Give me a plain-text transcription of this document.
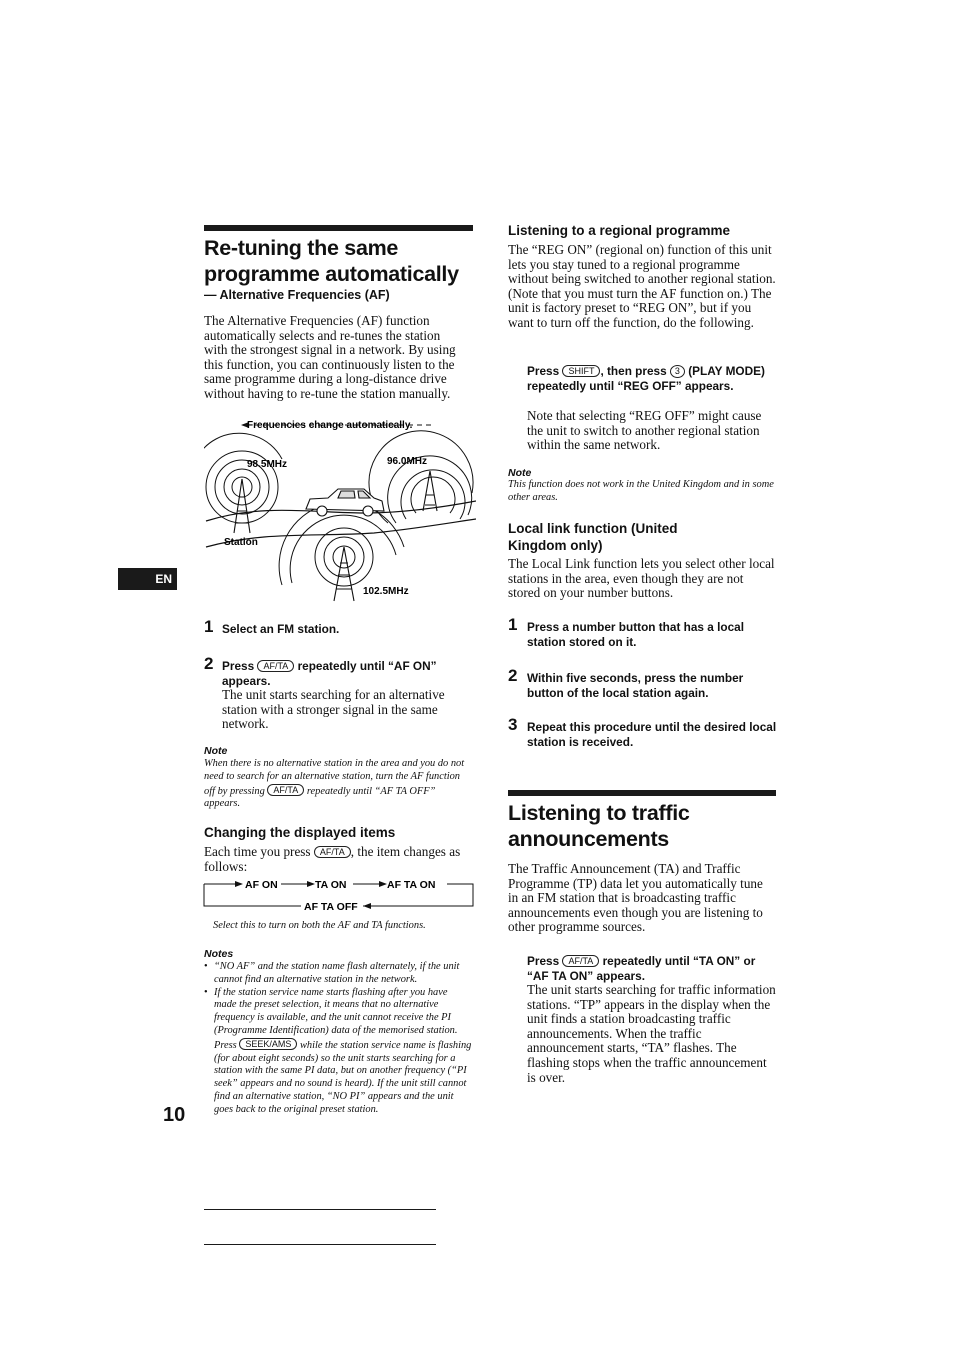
Re-tuning the same
programme automatically
— Alternative Frequencies (AF)
The Alternative Frequencies (AF) function automatically selects and re-tunes the station with the strongest signal in a network. By using this function, you can continuously listen to the same programme during a long-distance drive without having to re-tune the station manually.
Frequencies change automatically.
98.5MHz	96.0MHz
102.5MHz
Station
1 Select an FM station.
2 Press AF/TA repeatedly until “AF ON” appears.
The unit starts searching for an alternative station with a stronger signal in the same network.
Note
When there is no alternative station in the area and you do not need to search for an alternative station, turn the AF function off by pressing AF/TA repeatedly until “AF TA OFF” appears.
Changing the displayed items
Each time you press AF/TA , the item changes as follows:
AF ON	TA ON	AF TA ON
AF TA OFF
Select this to turn on both the AF and TA functions.
Notes
• “NO AF” and the station name flash alternately, if the unit cannot find an alternative station in the network.
• If the station service name starts flashing after you have made the preset selection, it means that no alternative frequency is available, and the unit cannot receive the PI (Programme Identification) data of the memorised station. Press SEEK/AMS while the station service name is flashing (for about eight seconds) so the unit starts searching for a station with the same PI data, but on another frequency (“PI seek” appears and no sound is heard). If the unit still cannot find an alternative station, “NO PI” appears and the unit goes back to the original preset station.
EN
10
Listening to a regional programme
The “REG ON” (regional on) function of this unit lets you stay tuned to a regional programme without being switched to another regional station. (Note that you must turn the AF function on.) The unit is factory preset to “REG ON”, but if you want to turn off the function, do the following.
Press SHIFT , then press 3 (PLAY MODE) repeatedly until “REG OFF” appears.
Note that selecting “REG OFF” might cause the unit to switch to another regional station within the same network.
Note
This function does not work in the United Kingdom and in some other areas.
Local link function (United Kingdom only)
The Local Link function lets you select other local stations in the area, even though they are not stored on your number buttons.
1 Press a number button that has a local station stored on it.
2 Within five seconds, press the number button of the local station again.
3 Repeat this procedure until the desired local station is received.
Listening to traffic
announcements
The Traffic Announcement (TA) and Traffic Programme (TP) data let you automatically tune in an FM station that is broadcasting traffic announcements even though you are listening to other programme sources.
Press AF/TA repeatedly until “TA ON” or “AF TA ON” appears.
The unit starts searching for traffic information stations. “TP” appears in the display when the unit finds a station broadcasting traffic announcements. When the traffic announcement starts, “TA” flashes. The flashing stops when the traffic announcement is over.
